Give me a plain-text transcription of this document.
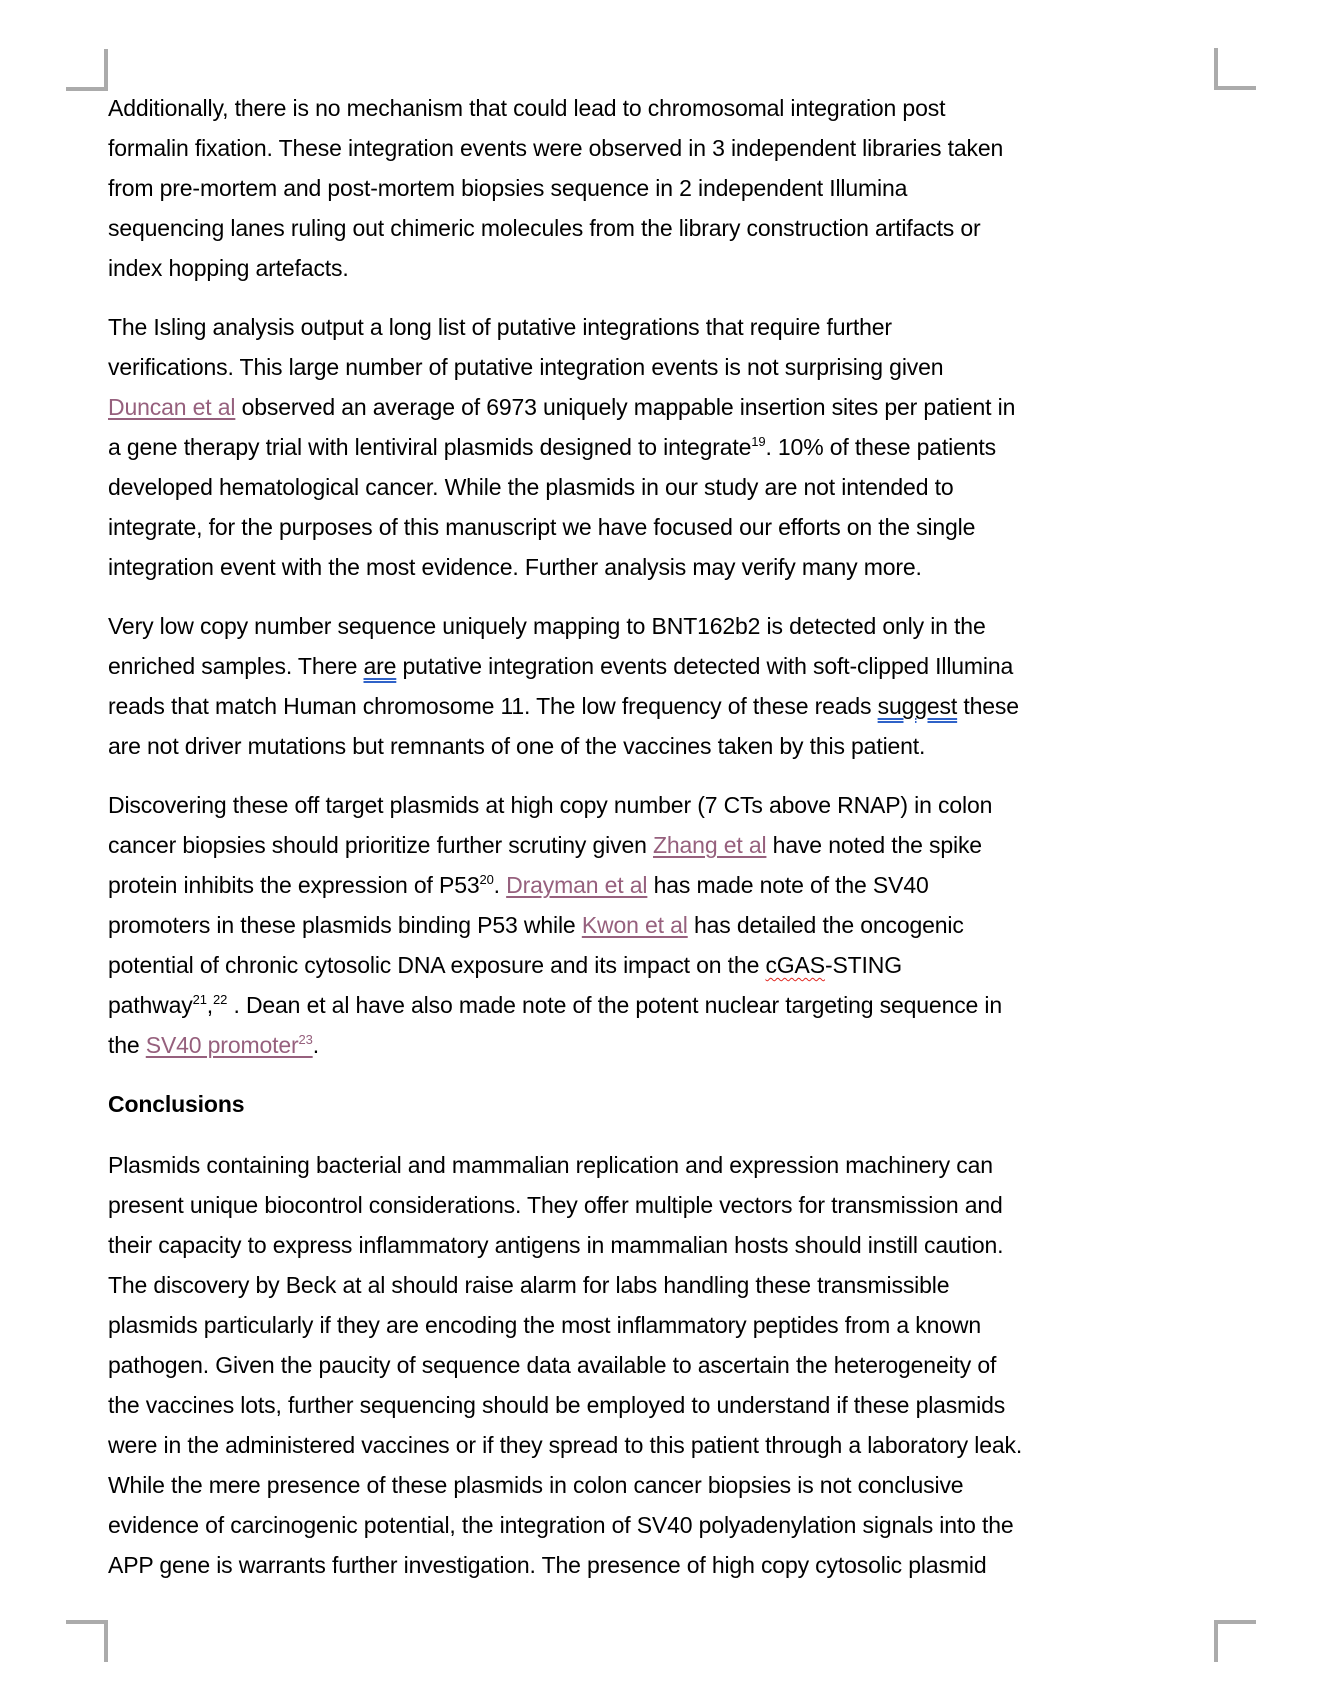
Additionally, there is no mechanism that could lead to chromosomal integration post
formalin fixation. These integration events were observed in 3 independent libraries taken
from pre-mortem and post-mortem biopsies sequence in 2 independent Illumina
sequencing lanes ruling out chimeric molecules from the library construction artifacts or
index hopping artefacts.
The Isling analysis output a long list of putative integrations that require further
verifications. This large number of putative integration events is not surprising given
Duncan et al observed an average of 6973 uniquely mappable insertion sites per patient in
a gene therapy trial with lentiviral plasmids designed to integrate$^{19}$. 10% of these patients
developed hematological cancer. While the plasmids in our study are not intended to
integrate, for the purposes of this manuscript we have focused our efforts on the single
integration event with the most evidence. Further analysis may verify many more.
Very low copy number sequence uniquely mapping to BNT162b2 is detected only in the
enriched samples. There are putative integration events detected with soft-clipped Illumina
reads that match Human chromosome 11. The low frequency of these reads suggest these
are not driver mutations but remnants of one of the vaccines taken by this patient.
Discovering these off target plasmids at high copy number (7 CTs above RNAP) in colon
cancer biopsies should prioritize further scrutiny given Zhang et al have noted the spike
protein inhibits the expression of $P53^{20}$. Drayman et al has made note of the SV40
promoters in these plasmids binding P53 while Kwon et al has detailed the oncogenic
potential of chronic cytosolic DNA exposure and its impact on the cGAS-STING
pathway$^{21}$,$^{22}$ . Dean et al have also made note of the potent nuclear targeting sequence in
the SV40 promoter$^{23}$.
Conclusions
Plasmids containing bacterial and mammalian replication and expression machinery can
present unique biocontrol considerations. They offer multiple vectors for transmission and
their capacity to express inflammatory antigens in mammalian hosts should instill caution.
The discovery by Beck at al should raise alarm for labs handling these transmissible
plasmids particularly if they are encoding the most inflammatory peptides from a known
pathogen. Given the paucity of sequence data available to ascertain the heterogeneity of
the vaccines lots, further sequencing should be employed to understand if these plasmids
were in the administered vaccines or if they spread to this patient through a laboratory leak.
While the mere presence of these plasmids in colon cancer biopsies is not conclusive
evidence of carcinogenic potential, the integration of SV40 polyadenylation signals into the
APP gene is warrants further investigation. The presence of high copy cytosolic plasmid
